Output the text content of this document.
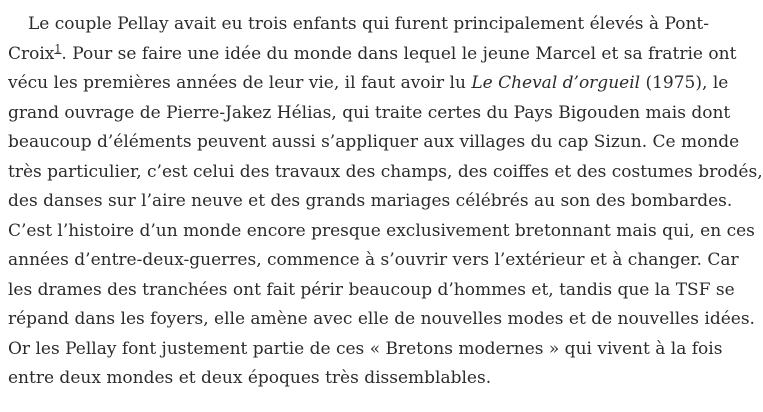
Le couple Pellay avait eu trois enfants qui furent principalement élevés à Pont-
Croix$^1$. Pour se faire une idée du monde dans lequel le jeune Marcel et sa fratrie ont
vécu les premières années de leur vie, il faut avoir lu Le Cheval d’orgueil (1975), le
grand ouvrage de Pierre-Jakez Hélias, qui traite certes du Pays Bigouden mais dont
beaucoup d’éléments peuvent aussi s’appliquer aux villages du cap Sizun. Ce monde
très particulier, c’est celui des travaux des champs, des coiffes et des costumes brodés,
des danses sur l’aire neuve et des grands mariages célébrés au son des bombardes.
C’est l’histoire d’un monde encore presque exclusivement bretonnant mais qui, en ces
années d’entre-deux-guerres, commence à s’ouvrir vers l’extérieur et à changer. Car
les drames des tranchées ont fait périr beaucoup d’hommes et, tandis que la TSF se
répand dans les foyers, elle amène avec elle de nouvelles modes et de nouvelles idées.
Or les Pellay font justement partie de ces « Bretons modernes » qui vivent à la fois
entre deux mondes et deux époques très dissemblables.
